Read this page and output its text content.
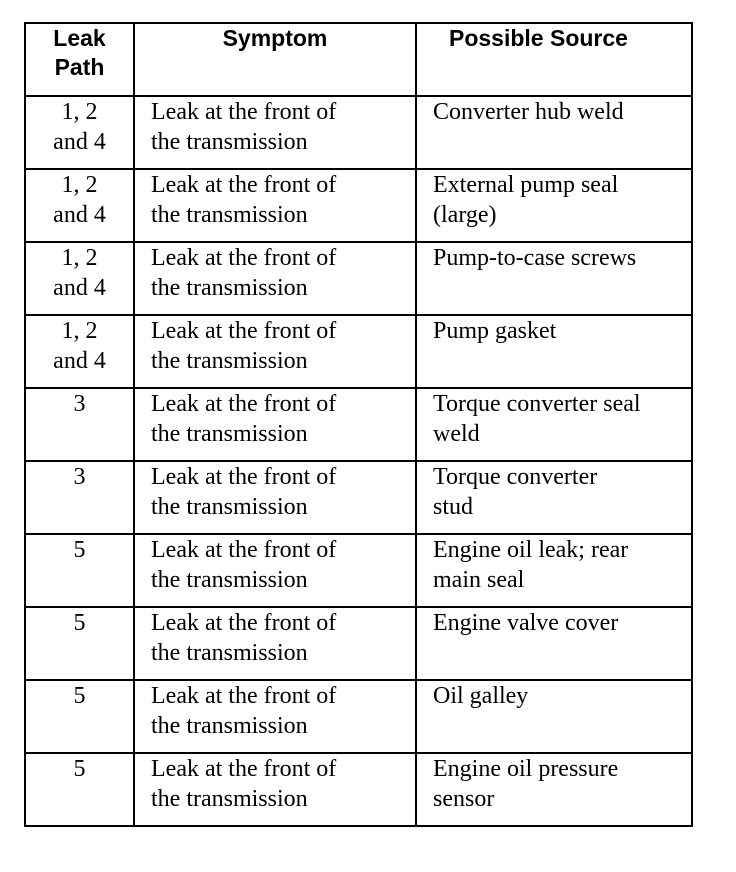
Leak
Path	Symptom	Possible Source

1, 2
and 4	Leak at the front of
the transmission	Converter hub weld

1, 2
and 4	Leak at the front of
the transmission	External pump seal
(large)

1, 2
and 4	Leak at the front of
the transmission	Pump-to-case screws

1, 2
and 4	Leak at the front of
the transmission	Pump gasket

3	Leak at the front of
the transmission	Torque converter seal
weld

3	Leak at the front of
the transmission	Torque converter
stud

5	Leak at the front of
the transmission	Engine oil leak; rear
main seal

5	Leak at the front of
the transmission	Engine valve cover

5	Leak at the front of
the transmission	Oil galley

5	Leak at the front of
the transmission	Engine oil pressure
sensor
